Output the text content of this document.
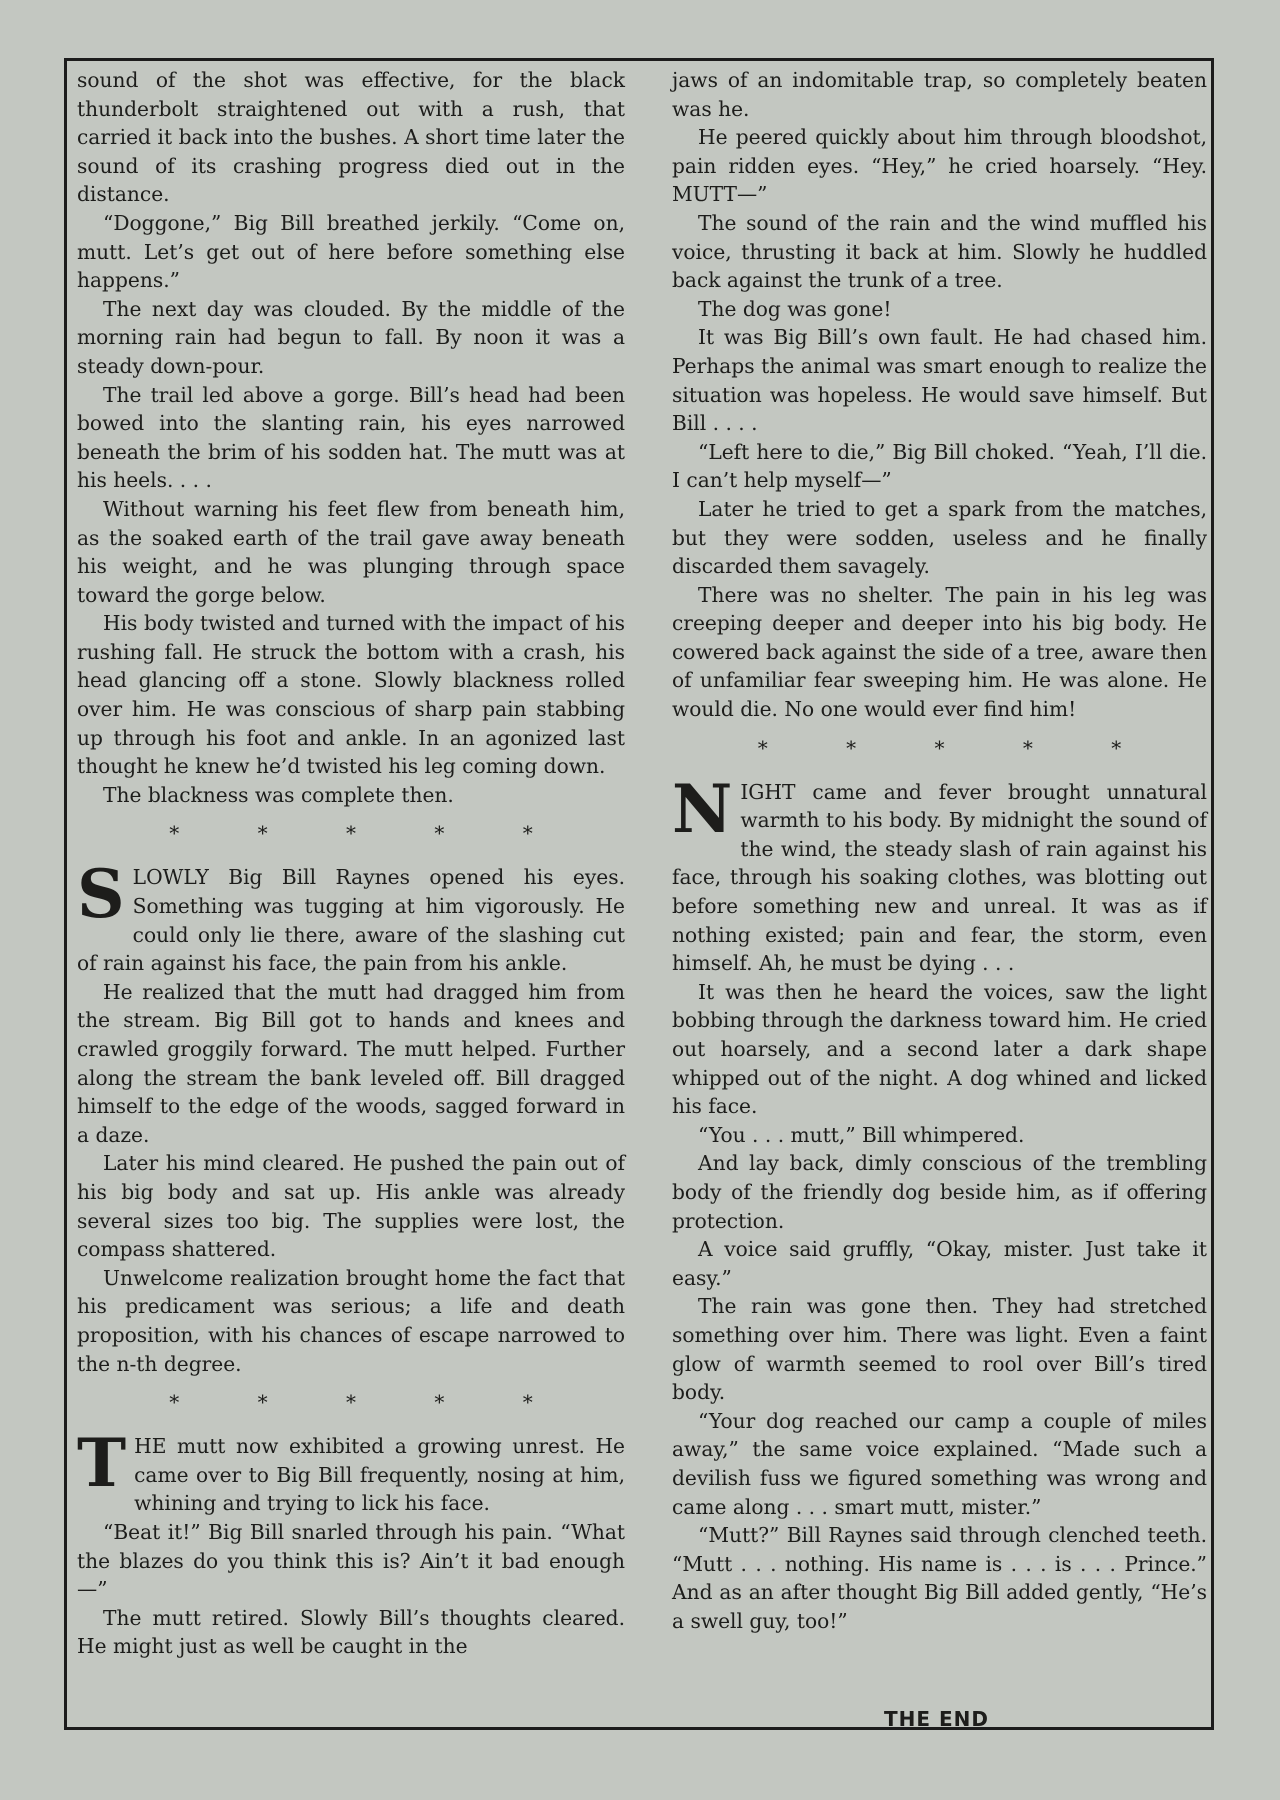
sound of the shot was effective, for the black thunderbolt straightened out with a rush, that carried it back into the bushes. A short time later the sound of its crashing progress died out in the distance.

“Doggone,” Big Bill breathed jerkily. “Come on, mutt. Let’s get out of here before something else happens.”

The next day was clouded. By the middle of the morning rain had begun to fall. By noon it was a steady down-pour.

The trail led above a gorge. Bill’s head had been bowed into the slanting rain, his eyes narrowed beneath the brim of his sodden hat. The mutt was at his heels. . . .

Without warning his feet flew from beneath him, as the soaked earth of the trail gave away beneath his weight, and he was plunging through space toward the gorge below.

His body twisted and turned with the impact of his rushing fall. He struck the bottom with a crash, his head glancing off a stone. Slowly blackness rolled over him. He was conscious of sharp pain stabbing up through his foot and ankle. In an agonized last thought he knew he’d twisted his leg coming down.

The blackness was complete then.

* * * * *

SLOWLY Big Bill Raynes opened his eyes. Something was tugging at him vigorously. He could only lie there, aware of the slashing cut of rain against his face, the pain from his ankle.

He realized that the mutt had dragged him from the stream. Big Bill got to hands and knees and crawled groggily forward. The mutt helped. Further along the stream the bank leveled off. Bill dragged himself to the edge of the woods, sagged forward in a daze.

Later his mind cleared. He pushed the pain out of his big body and sat up. His ankle was already several sizes too big. The supplies were lost, the compass shattered.

Unwelcome realization brought home the fact that his predicament was serious; a life and death proposition, with his chances of escape narrowed to the n-th degree.

* * * * *

THE mutt now exhibited a growing unrest. He came over to Big Bill frequently, nosing at him, whining and trying to lick his face.

“Beat it!” Big Bill snarled through his pain. “What the blazes do you think this is? Ain’t it bad enough—”

The mutt retired. Slowly Bill’s thoughts cleared. He might just as well be caught in the

jaws of an indomitable trap, so completely beaten was he.

He peered quickly about him through bloodshot, pain ridden eyes. “Hey,” he cried hoarsely. “Hey. MUTT—”

The sound of the rain and the wind muffled his voice, thrusting it back at him. Slowly he huddled back against the trunk of a tree.

The dog was gone!

It was Big Bill’s own fault. He had chased him. Perhaps the animal was smart enough to realize the situation was hopeless. He would save himself. But Bill . . . .

“Left here to die,” Big Bill choked. “Yeah, I’ll die. I can’t help myself—”

Later he tried to get a spark from the matches, but they were sodden, useless and he finally discarded them savagely.

There was no shelter. The pain in his leg was creeping deeper and deeper into his big body. He cowered back against the side of a tree, aware then of unfamiliar fear sweeping him. He was alone. He would die. No one would ever find him!

* * * * *

NIGHT came and fever brought unnatural warmth to his body. By midnight the sound of the wind, the steady slash of rain against his face, through his soaking clothes, was blotting out before something new and unreal. It was as if nothing existed; pain and fear, the storm, even himself. Ah, he must be dying . . .

It was then he heard the voices, saw the light bobbing through the darkness toward him. He cried out hoarsely, and a second later a dark shape whipped out of the night. A dog whined and licked his face.

“You . . . mutt,” Bill whimpered.

And lay back, dimly conscious of the trembling body of the friendly dog beside him, as if offering protection.

A voice said gruffly, “Okay, mister. Just take it easy.”

The rain was gone then. They had stretched something over him. There was light. Even a faint glow of warmth seemed to rool over Bill’s tired body.

“Your dog reached our camp a couple of miles away,” the same voice explained. “Made such a devilish fuss we figured something was wrong and came along . . . smart mutt, mister.”

“Mutt?” Bill Raynes said through clenched teeth. “Mutt . . . nothing. His name is . . . is . . . Prince.” And as an after thought Big Bill added gently, “He’s a swell guy, too!”

THE END
